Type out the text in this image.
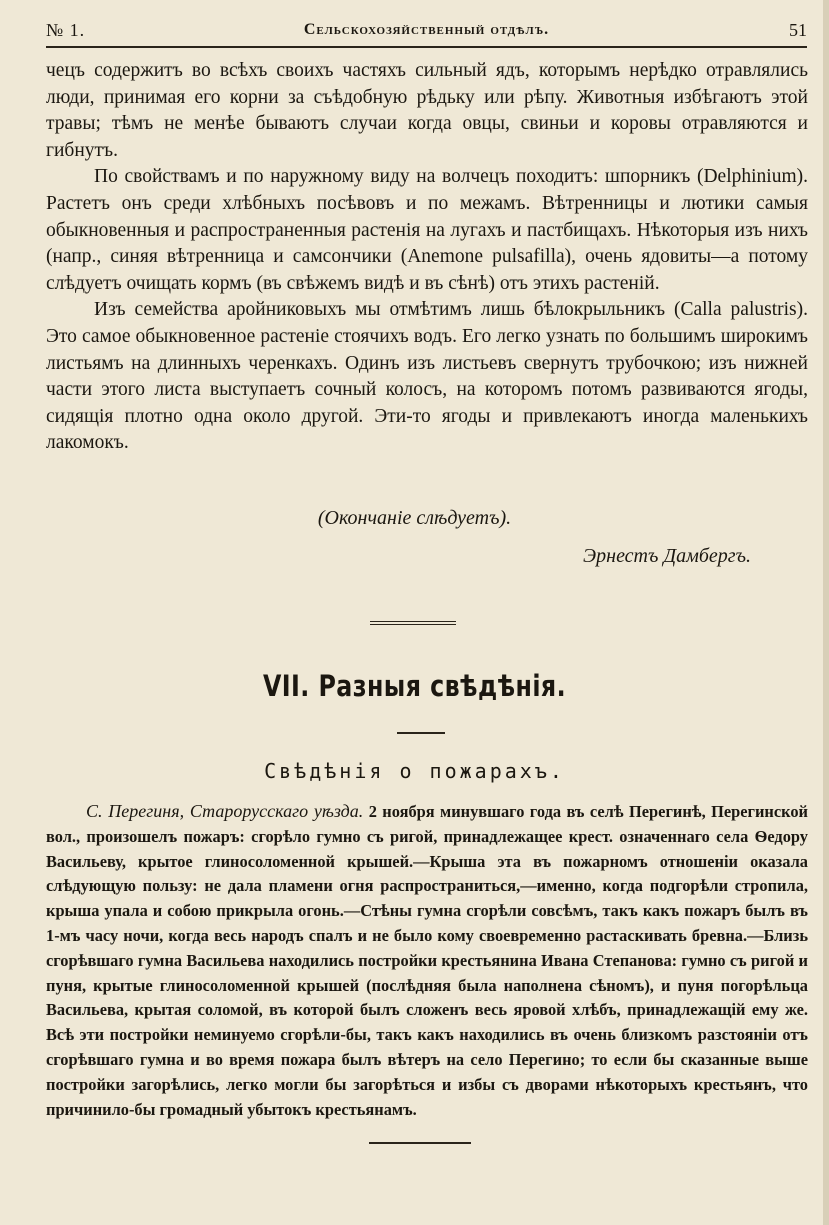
№ 1.	Сельскохозяйственный отдѣлъ.	51

чецъ содержитъ во всѣхъ своихъ частяхъ сильный ядъ, которымъ нерѣдко отравлялись люди, принимая его корни за съѣдобную рѣдьку или рѣпу. Животныя избѣгаютъ этой травы; тѣмъ не менѣе бываютъ случаи когда овцы, свиньи и коровы отравляются и гибнутъ.

По свойствамъ и по наружному виду на волчецъ походитъ: шпорникъ (Delphinium). Растетъ онъ среди хлѣбныхъ посѣвовъ и по межамъ. Вѣтренницы и лютики самыя обыкновенныя и распространенныя растенія на лугахъ и пастбищахъ. Нѣкоторыя изъ нихъ (напр., синяя вѣтренница и самсончики (Anemone pulsafilla), очень ядовиты—а потому слѣдуетъ очищать кормъ (въ свѣжемъ видѣ и въ сѣнѣ) отъ этихъ растеній.

Изъ семейства аройниковыхъ мы отмѣтимъ лишь бѣлокрыльникъ (Calla palustris). Это самое обыкновенное растеніе стоячихъ водъ. Его легко узнать по большимъ широкимъ листьямъ на длинныхъ черенкахъ. Одинъ изъ листьевъ свернутъ трубочкою; изъ нижней части этого листа выступаетъ сочный колосъ, на которомъ потомъ развиваются ягоды, сидящія плотно одна около другой. Эти-то ягоды и привлекаютъ иногда маленькихъ лакомокъ.

(Окончаніе слѣдуетъ).
Эрнестъ Дамбергъ.
VII. Разныя свѣдѣнія.
Свѣдѣнія о пожарахъ.

С. Перегиня, Старорусскаго уѣзда. 2 ноября минувшаго года въ селѣ Перегинѣ, Перегинской вол., произошелъ пожаръ: сгорѣло гумно съ ригой, принадлежащее крест. означеннаго села Ѳедору Васильеву, крытое глиносоломенной крышей.—Крыша эта въ пожарномъ отношеніи оказала слѣдующую пользу: не дала пламени огня распространиться,—именно, когда подгорѣли стропила, крыша упала и собою прикрыла огонь.—Стѣны гумна сгорѣли совсѣмъ, такъ какъ пожаръ былъ въ 1-мъ часу ночи, когда весь народъ спалъ и не было кому своевременно растаскивать бревна.—Близь сгорѣвшаго гумна Васильева находились постройки крестьянина Ивана Степанова: гумно съ ригой и пуня, крытые глиносоломенной крышей (послѣдняя была наполнена сѣномъ), и пуня погорѣльца Васильева, крытая соломой, въ которой былъ сложенъ весь яровой хлѣбъ, принадлежащій ему же. Всѣ эти постройки неминуемо сгорѣли-бы, такъ какъ находились въ очень близкомъ разстояніи отъ сгорѣвшаго гумна и во время пожара былъ вѣтеръ на село Перегино; то если бы сказанные выше постройки загорѣлись, легко могли бы загорѣться и избы съ дворами нѣкоторыхъ крестьянъ, что причинило-бы громадный убытокъ крестьянамъ.
